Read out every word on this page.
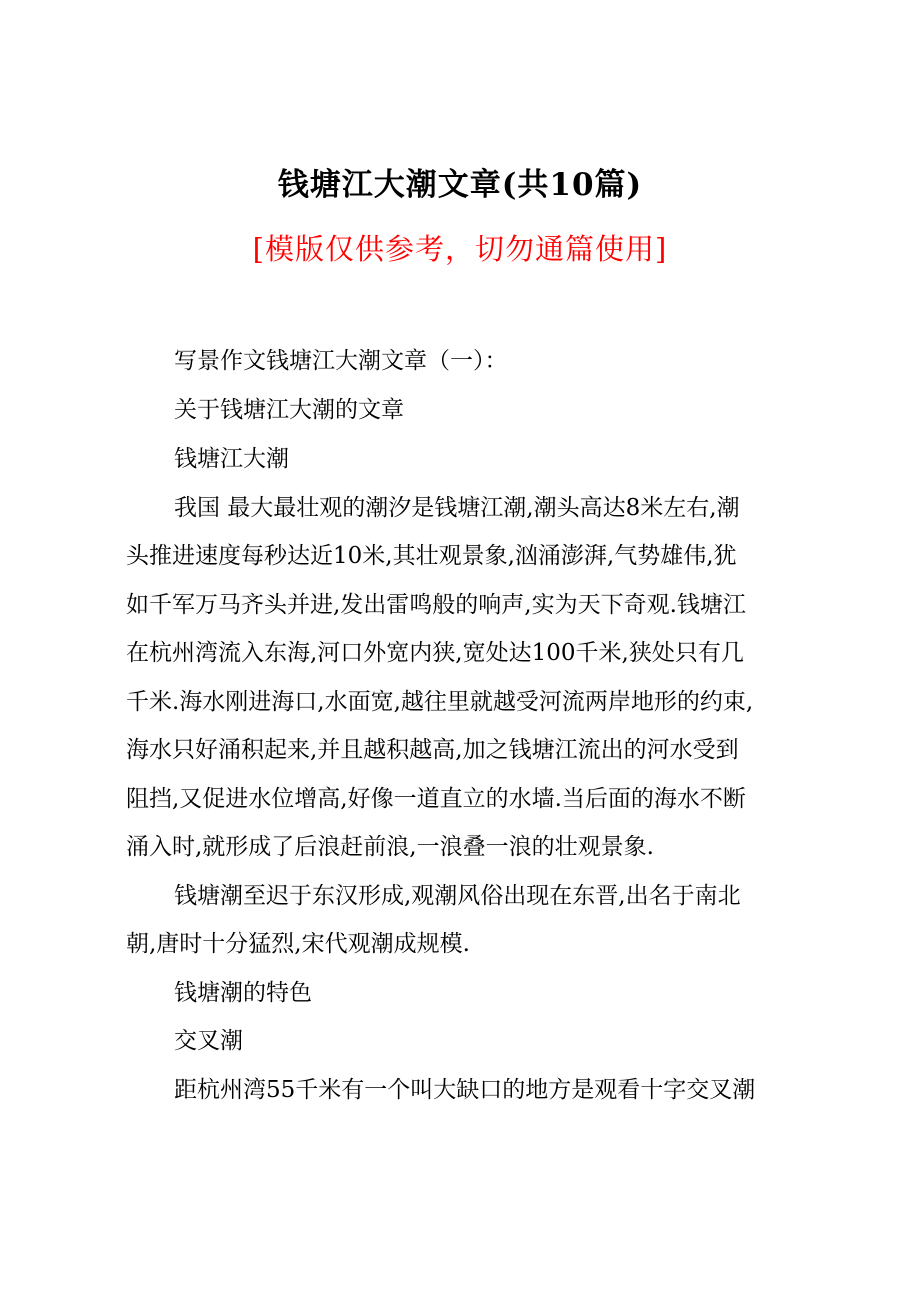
钱塘江大潮文章(共10篇)
[模版仅供参考，切勿通篇使用]
写景作文钱塘江大潮文章（一）：
关于钱塘江大潮的文章
钱塘江大潮
我国 最大最壮观的潮汐是钱塘江潮,潮头高达8米左右,潮
头推进速度每秒达近10米,其壮观景象,汹涌澎湃,气势雄伟,犹
如千军万马齐头并进,发出雷鸣般的响声,实为天下奇观.钱塘江
在杭州湾流入东海,河口外宽内狭,宽处达100千米,狭处只有几
千米.海水刚进海口,水面宽,越往里就越受河流两岸地形的约束,
海水只好涌积起来,并且越积越高,加之钱塘江流出的河水受到
阻挡,又促进水位增高,好像一道直立的水墙.当后面的海水不断
涌入时,就形成了后浪赶前浪,一浪叠一浪的壮观景象.
钱塘潮至迟于东汉形成,观潮风俗出现在东晋,出名于南北
朝,唐时十分猛烈,宋代观潮成规模.
钱塘潮的特色
交叉潮
距杭州湾55千米有一个叫大缺口的地方是观看十字交叉潮
